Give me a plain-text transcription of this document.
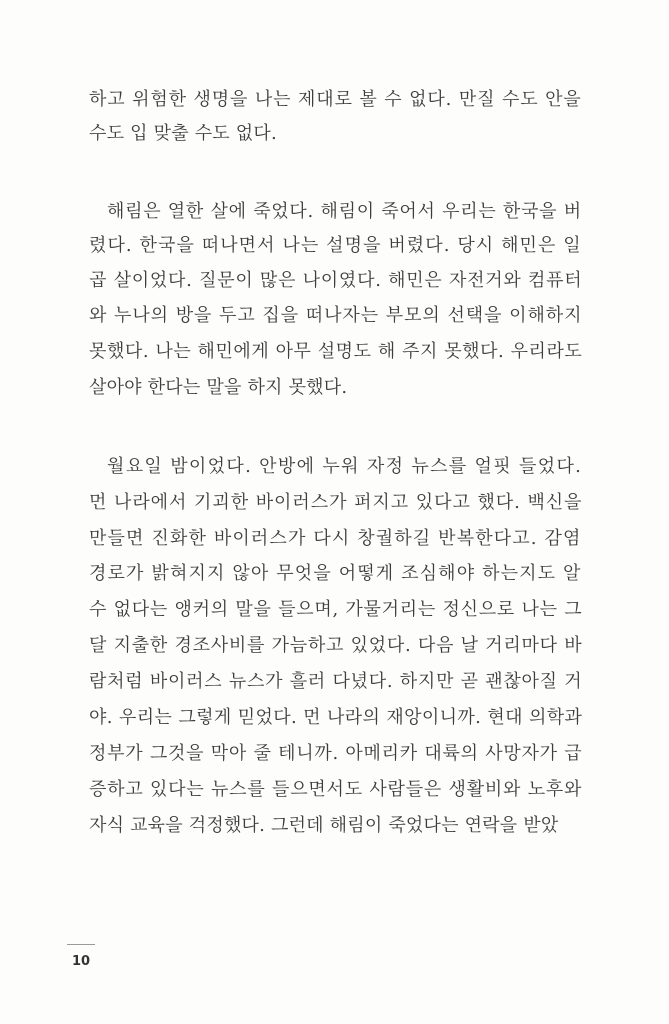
하고 위험한 생명을 나는 제대로 볼 수 없다. 만질 수도 안을
수도 입 맞출 수도 없다.
해림은 열한 살에 죽었다. 해림이 죽어서 우리는 한국을 버
렸다. 한국을 떠나면서 나는 설명을 버렸다. 당시 해민은 일
곱 살이었다. 질문이 많은 나이였다. 해민은 자전거와 컴퓨터
와 누나의 방을 두고 집을 떠나자는 부모의 선택을 이해하지
못했다. 나는 해민에게 아무 설명도 해 주지 못했다. 우리라도
살아야 한다는 말을 하지 못했다.
월요일 밤이었다. 안방에 누워 자정 뉴스를 얼핏 들었다.
먼 나라에서 기괴한 바이러스가 퍼지고 있다고 했다. 백신을
만들면 진화한 바이러스가 다시 창궐하길 반복한다고. 감염
경로가 밝혀지지 않아 무엇을 어떻게 조심해야 하는지도 알
수 없다는 앵커의 말을 들으며, 가물거리는 정신으로 나는 그
달 지출한 경조사비를 가늠하고 있었다. 다음 날 거리마다 바
람처럼 바이러스 뉴스가 흘러 다녔다. 하지만 곧 괜찮아질 거
야. 우리는 그렇게 믿었다. 먼 나라의 재앙이니까. 현대 의학과
정부가 그것을 막아 줄 테니까. 아메리카 대륙의 사망자가 급
증하고 있다는 뉴스를 들으면서도 사람들은 생활비와 노후와
자식 교육을 걱정했다. 그런데 해림이 죽었다는 연락을 받았
10
